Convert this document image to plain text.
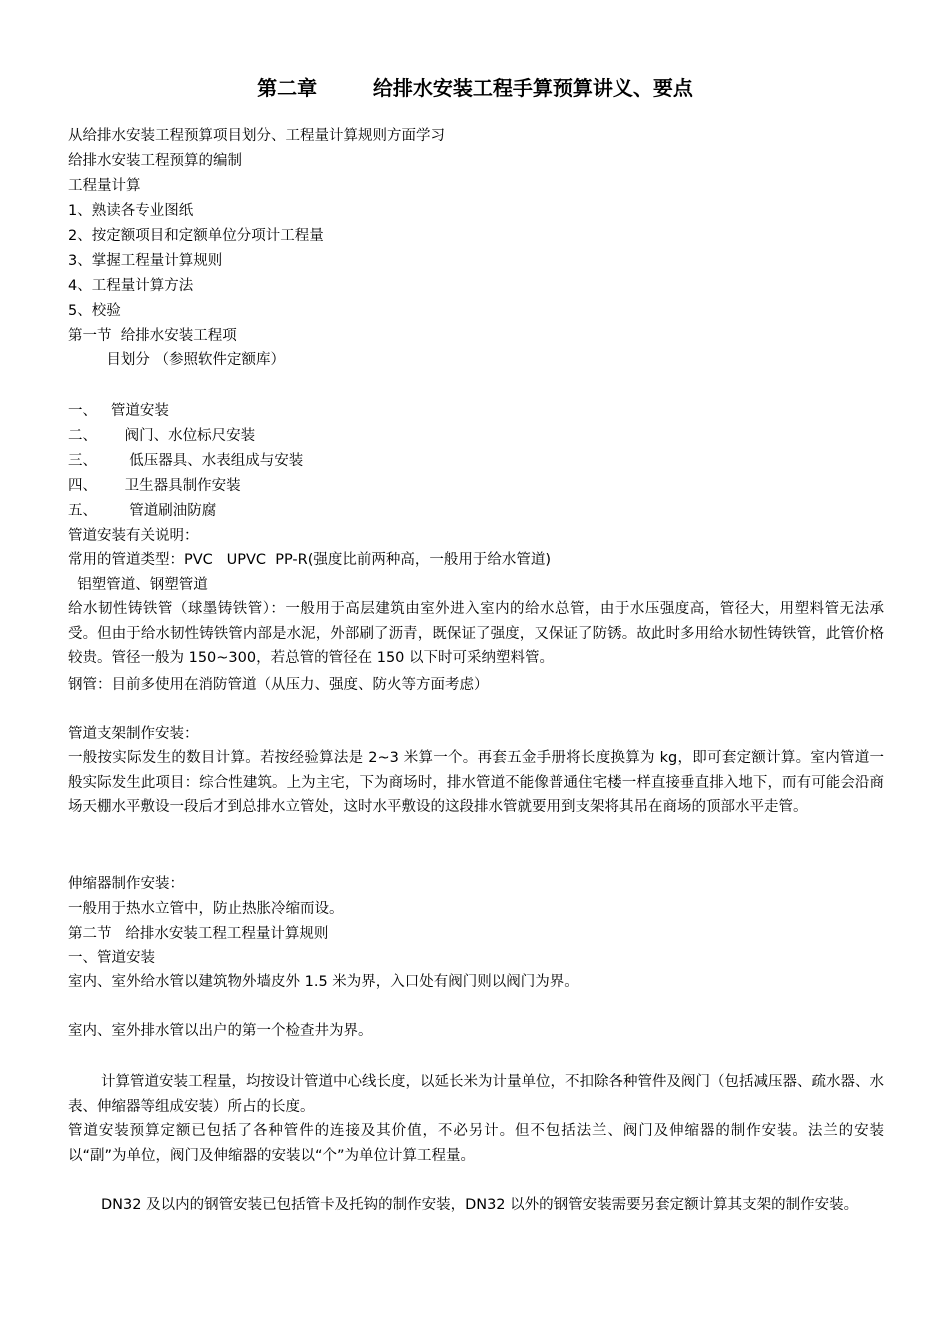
第二章        给排水安装工程手算预算讲义、要点
从给排水安装工程预算项目划分、工程量计算规则方面学习
给排水安装工程预算的编制
工程量计算
1、熟读各专业图纸
2、按定额项目和定额单位分项计工程量
3、掌握工程量计算规则
4、工程量计算方法
5、校验
第一节  给排水安装工程项
目划分 （参照软件定额库）
一、   管道安装
二、      阀门、水位标尺安装
三、       低压器具、水表组成与安装
四、      卫生器具制作安装
五、       管道刷油防腐
管道安装有关说明：
常用的管道类型：PVC   UPVC  PP-R(强度比前两种高，一般用于给水管道)
铝塑管道、钢塑管道
给水韧性铸铁管（球墨铸铁管）：一般用于高层建筑由室外进入室内的给水总管，由于水压强度高，管径大，用塑料管无法承受。但由于给水韧性铸铁管内部是水泥，外部刷了沥青，既保证了强度，又保证了防锈。故此时多用给水韧性铸铁管，此管价格较贵。管径一般为 150~300，若总管的管径在 150 以下时可采纳塑料管。
钢管：目前多使用在消防管道（从压力、强度、防火等方面考虑）
管道支架制作安装：
一般按实际发生的数目计算。若按经验算法是 2~3 米算一个。再套五金手册将长度换算为 kg，即可套定额计算。室内管道一般实际发生此项目：综合性建筑。上为主宅，下为商场时，排水管道不能像普通住宅楼一样直接垂直排入地下，而有可能会沿商场天棚水平敷设一段后才到总排水立管处，这时水平敷设的这段排水管就要用到支架将其吊在商场的顶部水平走管。
伸缩器制作安装：
一般用于热水立管中，防止热胀冷缩而设。
第二节   给排水安装工程工程量计算规则
一、管道安装
室内、室外给水管以建筑物外墙皮外 1.5 米为界，入口处有阀门则以阀门为界。
室内、室外排水管以出户的第一个检查井为界。
计算管道安装工程量，均按设计管道中心线长度，以延长米为计量单位，不扣除各种管件及阀门（包括减压器、疏水器、水表、伸缩器等组成安装）所占的长度。
管道安装预算定额已包括了各种管件的连接及其价值，不必另计。但不包括法兰、阀门及伸缩器的制作安装。法兰的安装以“副”为单位，阀门及伸缩器的安装以“个”为单位计算工程量。
DN32 及以内的钢管安装已包括管卡及托钩的制作安装，DN32 以外的钢管安装需要另套定额计算其支架的制作安装。
